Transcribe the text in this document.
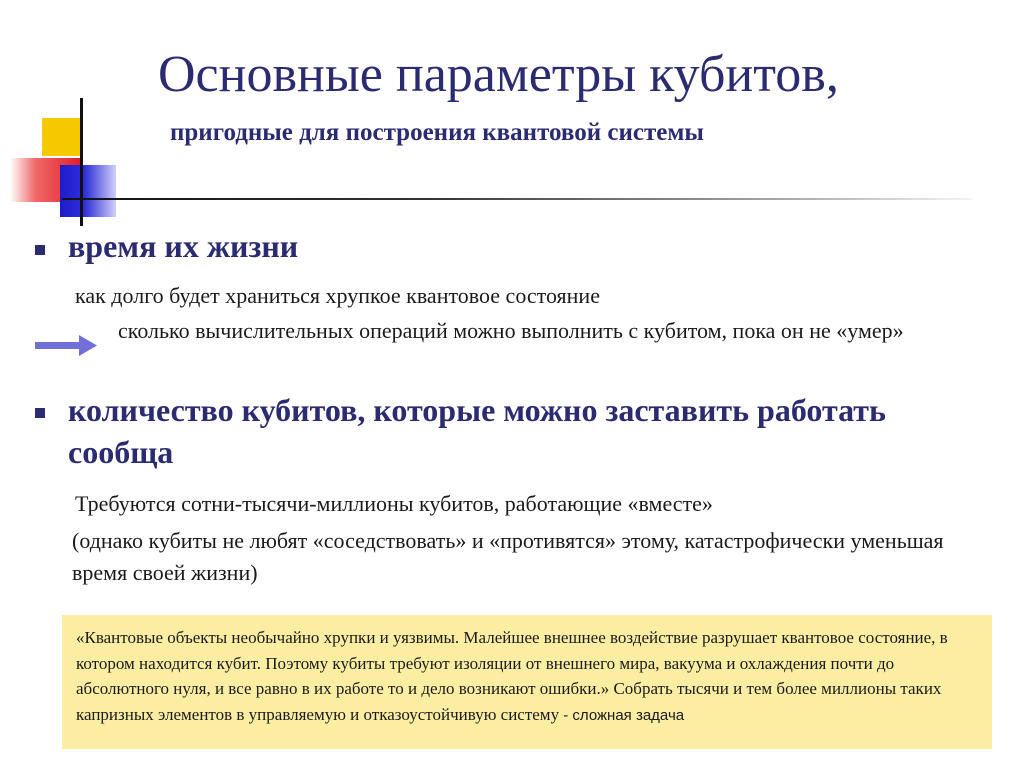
Основные параметры кубитов,
пригодные для построения квантовой системы

время их жизни

как долго будет храниться хрупкое квантовое состояние

сколько вычислительных операций можно выполнить с кубитом, пока он не «умер»

количество кубитов, которые можно заставить работать сообща

Требуются сотни-тысячи-миллионы кубитов, работающие «вместе»

(однако кубиты не любят «соседствовать» и «противятся» этому, катастрофически уменьшая время своей жизни)

«Квантовые объекты необычайно хрупки и уязвимы. Малейшее внешнее воздействие разрушает квантовое состояние, в котором находится кубит. Поэтому кубиты требуют изоляции от внешнего мира, вакуума и охлаждения почти до абсолютного нуля, и все равно в их работе то и дело возникают ошибки.» Собрать тысячи и тем более миллионы таких капризных элементов в управляемую и отказоустойчивую систему - сложная задача
